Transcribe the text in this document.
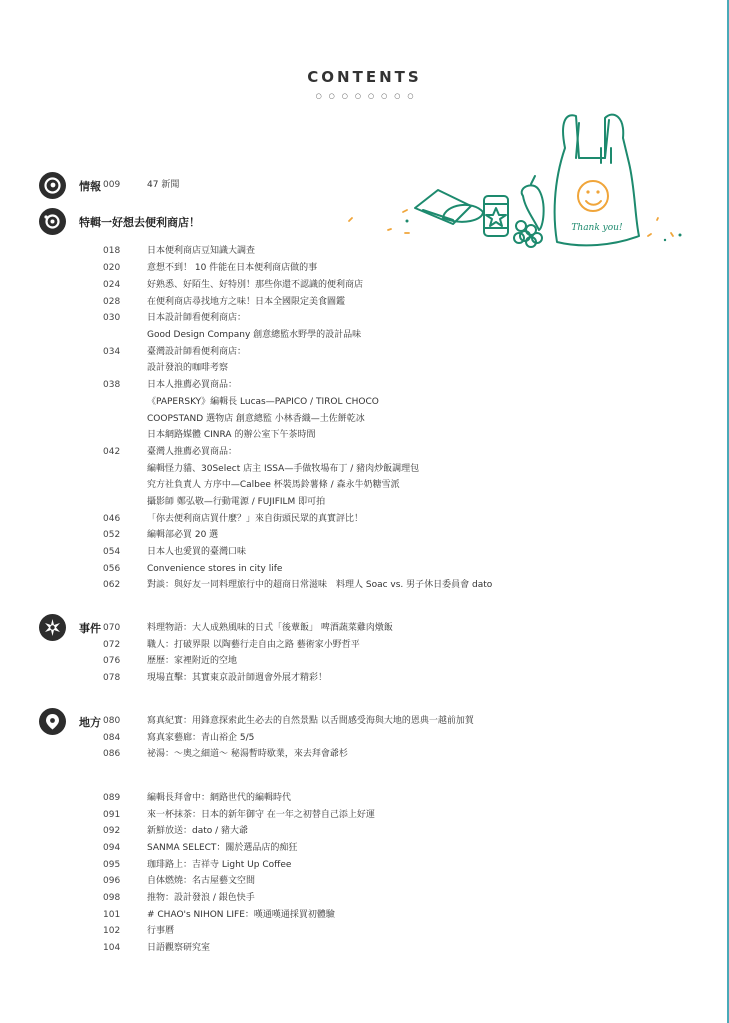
CONTENTS
○○○○○○○○
Thank you!
情報 009	47 新聞
特輯一好想去便利商店！
018	日本便利商店豆知識大調查
020	意想不到！ 10 件能在日本便利商店做的事
024	好熟悉、好陌生、好特別！那些你還不認識的便利商店
028	在便利商店尋找地方之味！日本全國限定美食圖鑑
030	日本設計師看便利商店：
Good Design Company 創意總監水野學的設計品味
034	臺灣設計師看便利商店：
設計發浪的咖啡考察
038	日本人推薦必買商品：
《PAPERSKY》編輯長 Lucas—PAPICO / TIROL CHOCO
COOPSTAND 選物店 創意總監 小林香織—土佐餅乾冰
日本網路媒體 CINRA 的辦公室下午茶時間
042	臺灣人推薦必買商品：
編輯怪力貓、30Select 店主 ISSA—手做牧場布丁 / 豬肉炒飯調理包
究方社負責人 方序中—Calbee 杯裝馬鈴薯條 / 森永牛奶糖雪派
攝影師 鄭弘敬—行動電源 / FUJIFILM 即可拍
046	「你去便利商店買什麼？」來自街頭民眾的真實評比！
052	編輯部必買 20 選
054	日本人也愛買的臺灣口味
056	Convenience stores in city life
062	對談：與好友一同料理旅行中的超商日常滋味　料理人 Soac vs. 男子休日委員會 dato
事件 070	料理物語：大人成熟風味的日式「後蕈飯」 啤酒蔬菜雞肉燉飯
072	職人：打破界限 以陶藝行走自由之路 藝術家小野哲平
076	歷歷：家裡附近的空地
078	現場直擊：其實東京設計師週會外展才精彩！
地方 080	寫真紀實：用鋒意探索此生必去的自然景點 以舌間感受海與大地的恩典一越前加賀
084	寫真家藝廊：青山裕企 5/5
086	祕湯：～奧之細道～ 秘湯暫時歇業，來去拜會爺杉
089	編輯長拜會中：網路世代的編輯時代
091	來一杯抹茶：日本的新年御守 在一年之初替自己添上好運
092	新鮮放送：dato / 豬大爺
094	SANMA SELECT：關於選品店的痴狂
095	珈琲路上：吉祥寺 Light Up Coffee
096	自体燃燒：名古屋藝文空間
098	推物：設計發浪 / 銀色快手
101	# CHAO's NIHON LIFE：嘆通嘆通採買初體驗
102	行事曆
104	日語觀察研究室
